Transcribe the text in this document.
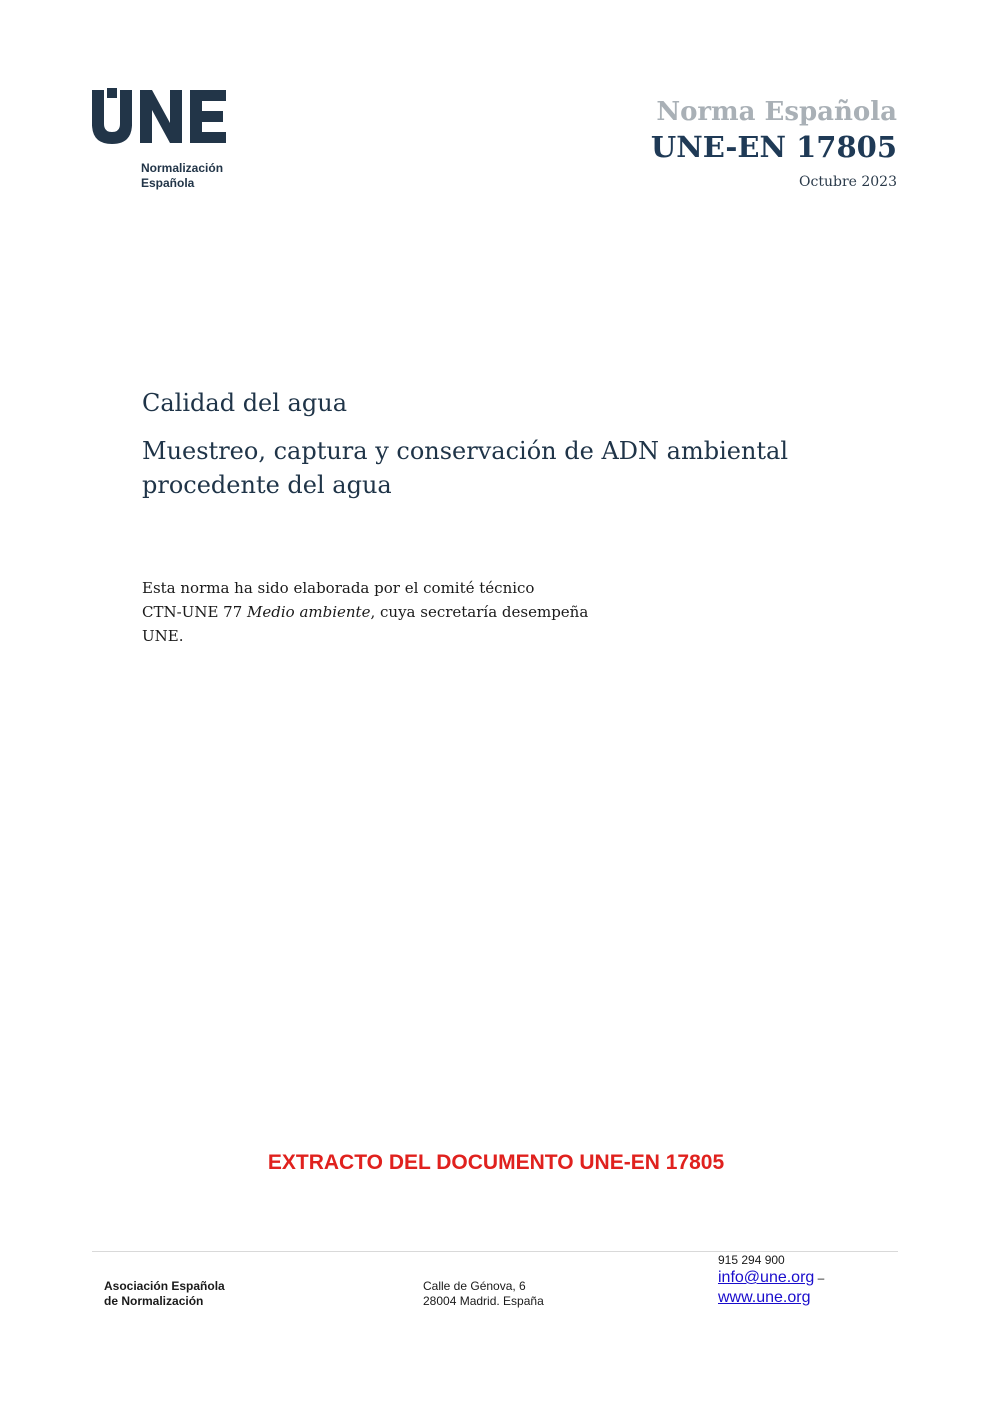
Normalización
Española
Norma Española
UNE-EN 17805
Octubre 2023
Calidad del agua
Muestreo, captura y conservación de ADN ambiental procedente del agua
Esta norma ha sido elaborada por el comité técnico
CTN-UNE 77 Medio ambiente, cuya secretaría desempeña
UNE.
EXTRACTO DEL DOCUMENTO UNE-EN 17805
Asociación Española
de Normalización
Calle de Génova, 6
28004 Madrid. España
915 294 900
info@une.org –
www.une.org
